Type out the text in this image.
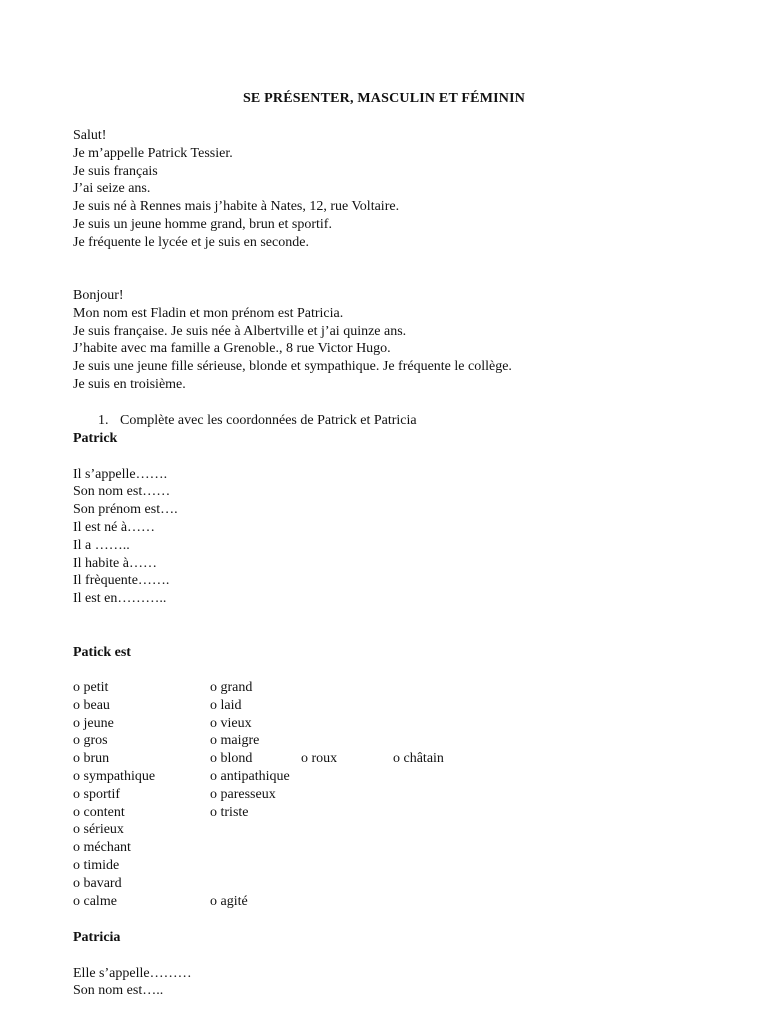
SE PRÉSENTER, MASCULIN ET FÉMININ
Salut!
Je m’appelle Patrick Tessier.
Je suis français
J’ai seize ans.
Je suis né à Rennes mais j’habite à Nates, 12, rue Voltaire.
Je suis un jeune homme grand, brun et sportif.
Je fréquente le lycée et je suis en seconde.
Bonjour!
Mon nom est Fladin et mon prénom est Patricia.
Je suis française. Je suis née à Albertville et j’ai quinze ans.
J’habite avec ma famille a Grenoble., 8 rue Victor Hugo.
Je suis une jeune fille sérieuse, blonde et sympathique. Je fréquente le collège.
Je suis en troisième.
1. Complète avec les coordonnées de Patrick et Patricia
Patrick
Il s’appelle…….
Son nom est……
Son prénom est….
Il est né à……
Il a ……..
Il habite à……
Il frèquente…….
Il est en………..
Patick est
o petit	o grand
o beau	o laid
o jeune	o vieux
o gros	o maigre
o brun	o blond	o roux	o châtain
o sympathique	o antipathique
o sportif	o paresseux
o content	o triste
o sérieux
o méchant
o timide
o bavard
o calme	o agité
Patricia
Elle s’appelle………
Son nom est…..
